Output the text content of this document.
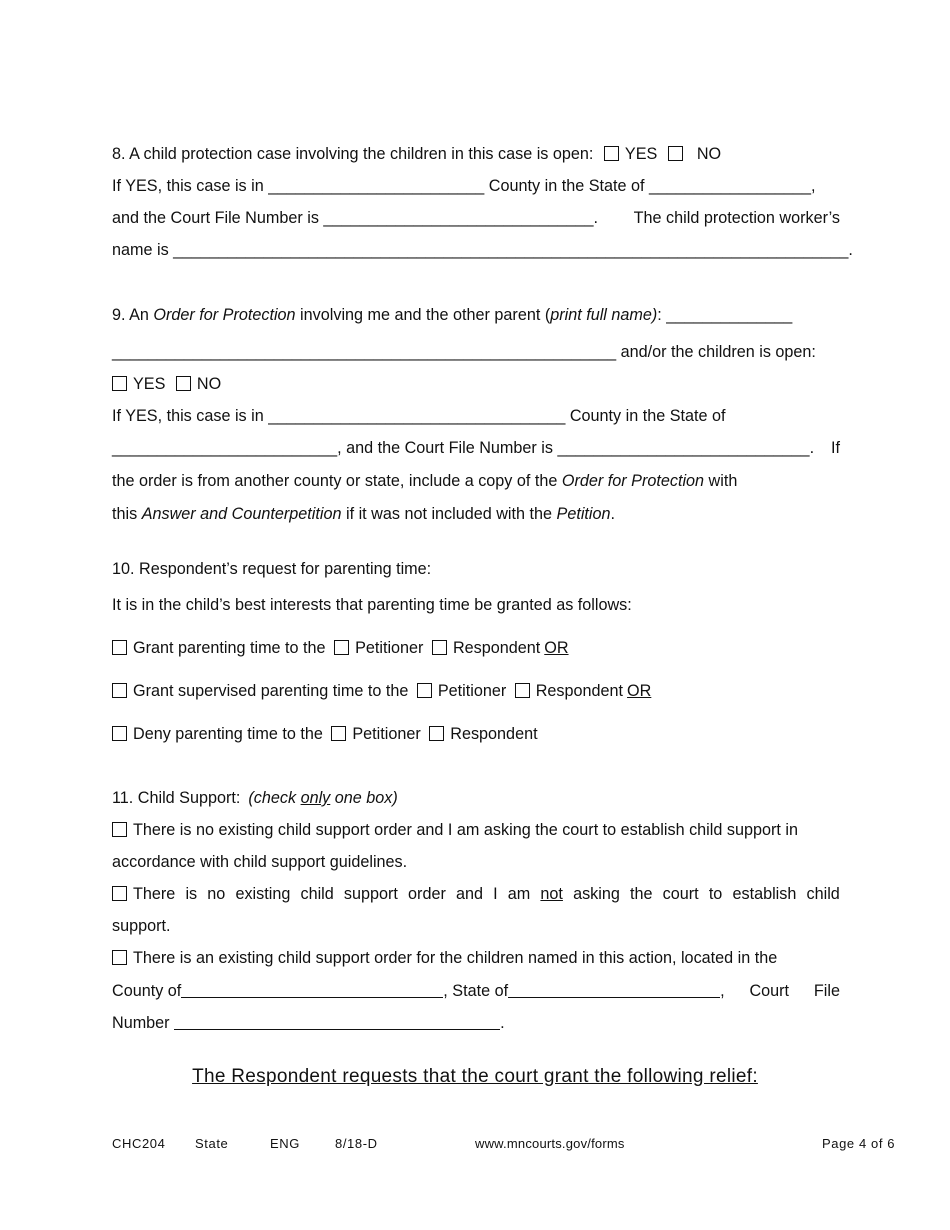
8. A child protection case involving the children in this case is open: YES NO
If YES, this case is in ________________________ County in the State of __________________,
and the Court File Number is ______________________________. The child protection worker’s
name is ___________________________________________________________________________.
9. An Order for Protection involving me and the other parent (print full name): ______________
________________________________________________________ and/or the children is open:
YES NO
If YES, this case is in _________________________________ County in the State of
_________________________, and the Court File Number is ____________________________. If
the order is from another county or state, include a copy of the Order for Protection with
this Answer and Counterpetition if it was not included with the Petition.
10. Respondent’s request for parenting time:
It is in the child’s best interests that parenting time be granted as follows:
Grant parenting time to the Petitioner Respondent OR
Grant supervised parenting time to the Petitioner Respondent OR
Deny parenting time to the Petitioner Respondent
11. Child Support: (check only one box)
There is no existing child support order and I am asking the court to establish child support in
accordance with child support guidelines.
There is no existing child support order and I am not asking the court to establish child
support.
There is an existing child support order for the children named in this action, located in the
County of	, State of	, Court File
Number	.
The Respondent requests that the court grant the following relief:
CHC204 State	ENG	8/18-D	www.mncourts.gov/forms	Page 4 of 6
